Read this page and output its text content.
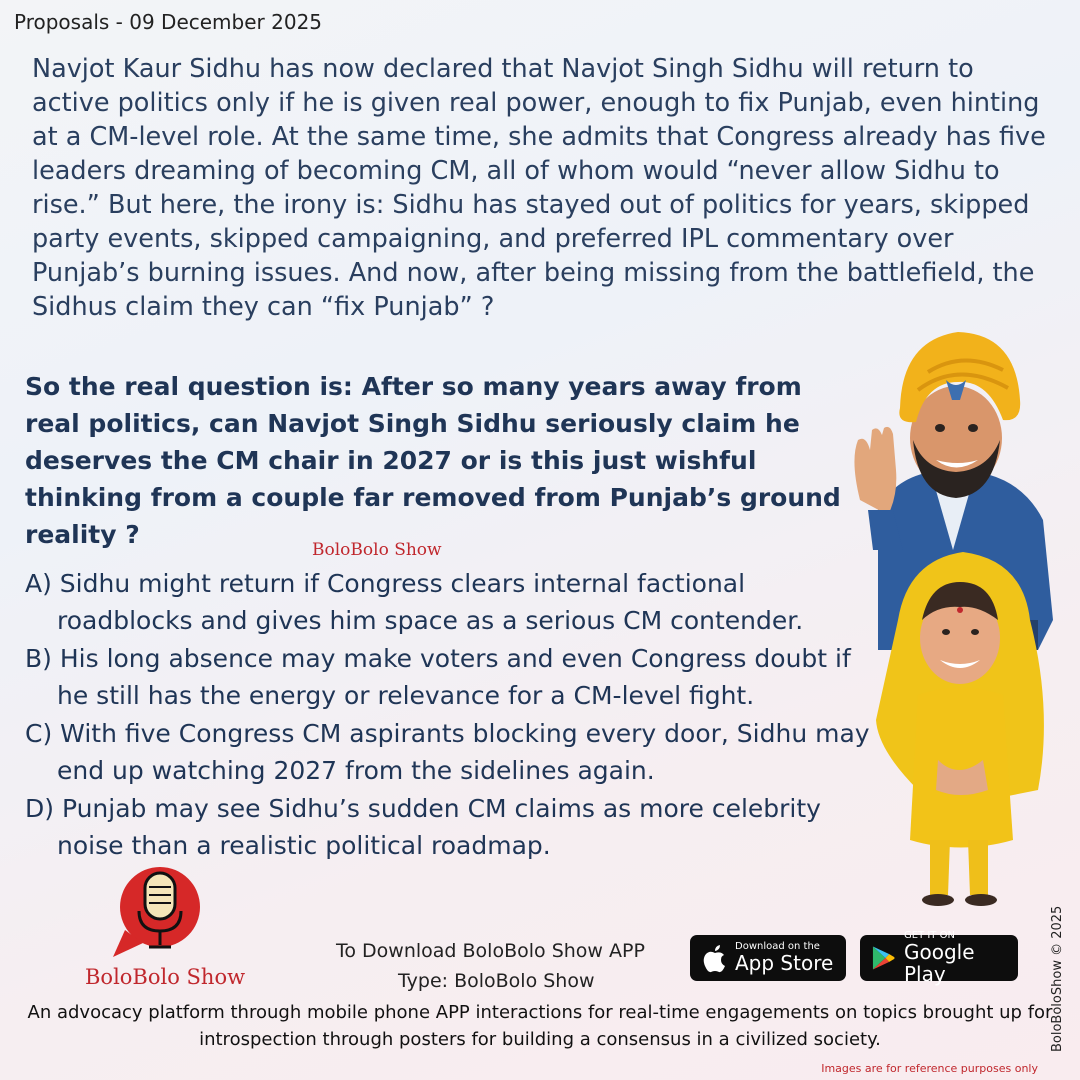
Proposals - 09 December 2025
Navjot Kaur Sidhu has now declared that Navjot Singh Sidhu will return to active politics only if he is given real power, enough to fix Punjab, even hinting at a CM-level role. At the same time, she admits that Congress already has five leaders dreaming of becoming CM, all of whom would “never allow Sidhu to rise.” But here, the irony is: Sidhu has stayed out of politics for years, skipped party events, skipped campaigning, and preferred IPL commentary over Punjab’s burning issues. And now, after being missing from the battlefield, the Sidhus claim they can “fix Punjab” ?
So the real question is: After so many years away from real politics, can Navjot Singh Sidhu seriously claim he deserves the CM chair in 2027 or is this just wishful thinking from a couple far removed from Punjab’s ground reality ?
BoloBolo Show
A) Sidhu might return if Congress clears internal factional roadblocks and gives him space as a serious CM contender.
B) His long absence may make voters and even Congress doubt if he still has the energy or relevance for a CM-level fight.
C) With five Congress CM aspirants blocking every door, Sidhu may end up watching 2027 from the sidelines again.
D) Punjab may see Sidhu’s sudden CM claims as more celebrity noise than a realistic political roadmap.
BoloBolo Show
To Download BoloBolo Show APP
Type: BoloBolo Show
Download on the
App Store
GET IT ON
Google Play
An advocacy platform through mobile phone APP interactions for real-time engagements on topics brought up for introspection through posters for building a consensus in a civilized society.
Images are for reference purposes only
BoloBoloShow © 2025
